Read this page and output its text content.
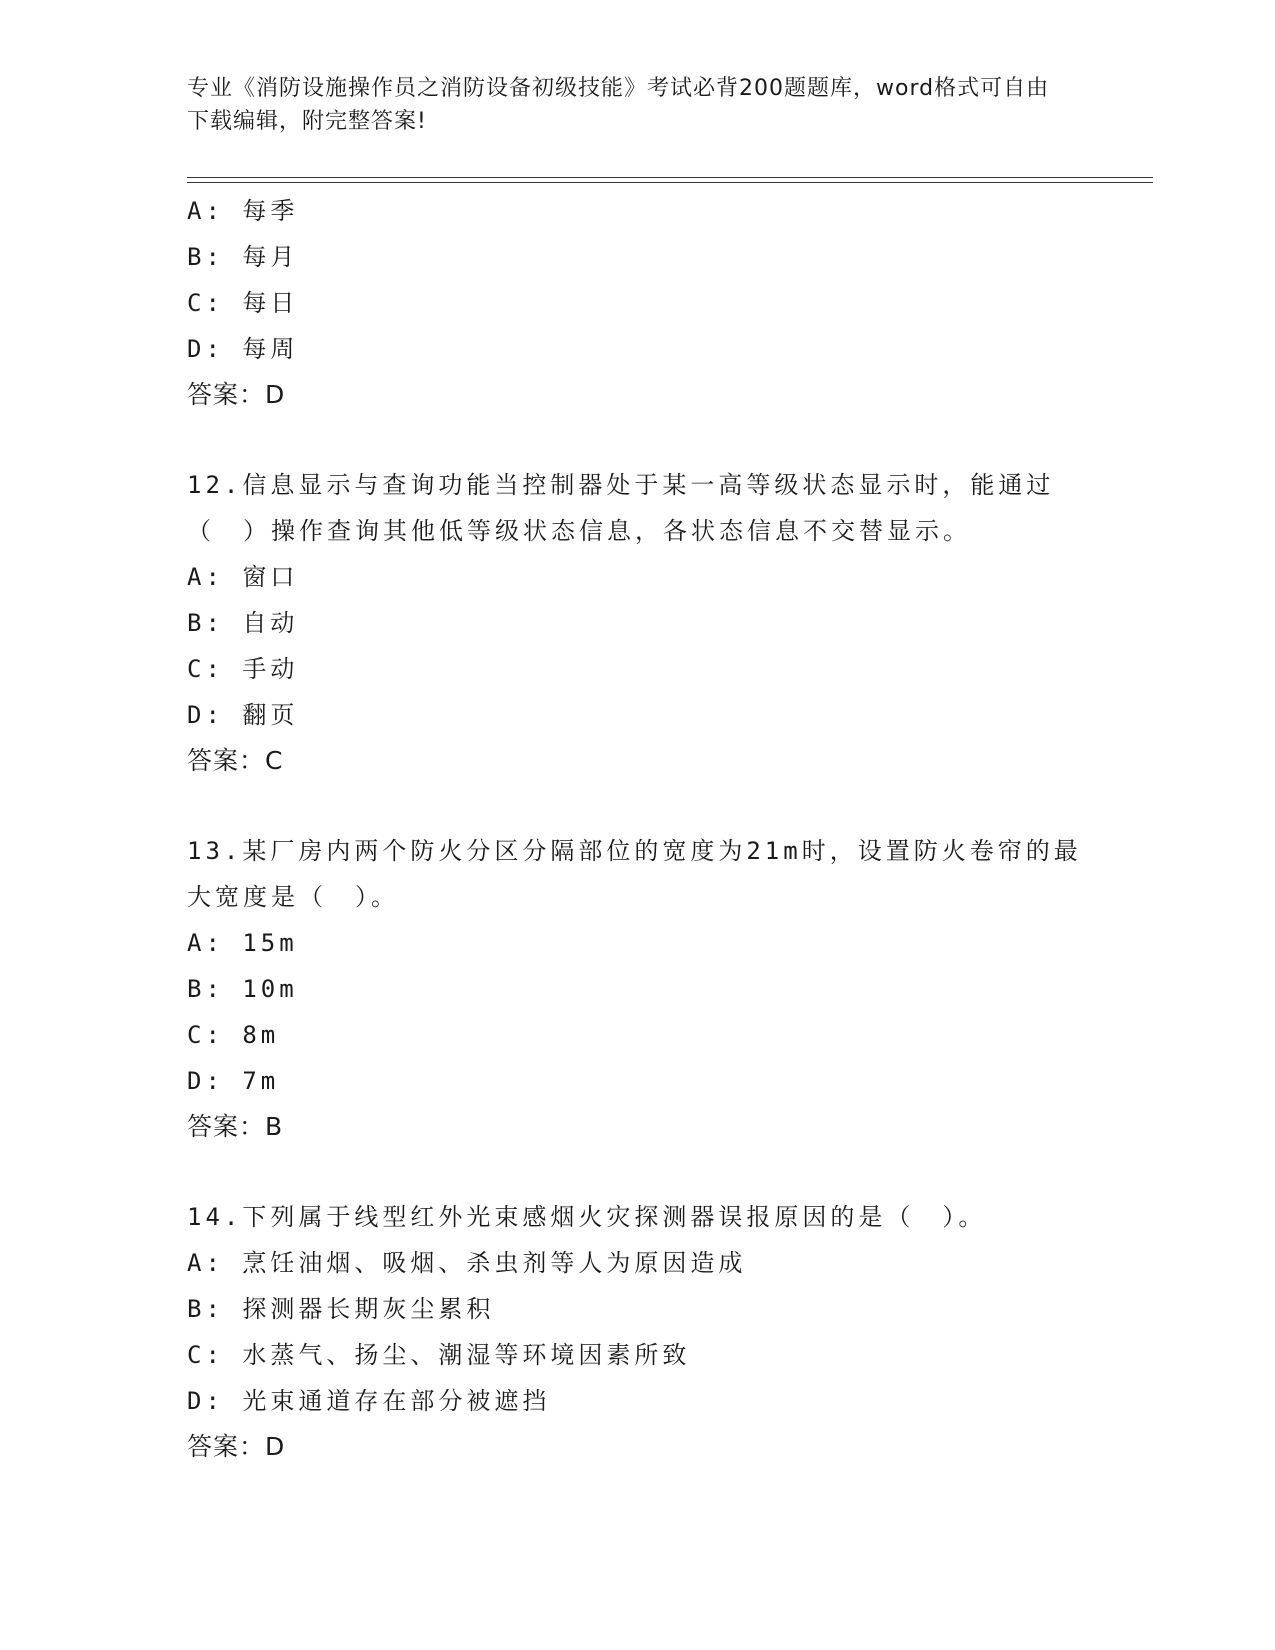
专业《消防设施操作员之消防设备初级技能》考试必背200题题库，word格式可自由下载编辑，附完整答案!
A: 每季
B: 每月
C: 每日
D: 每周
答案：D
12.信息显示与查询功能当控制器处于某一高等级状态显示时，能通过（　）操作查询其他低等级状态信息，各状态信息不交替显示。
A: 窗口
B: 自动
C: 手动
D: 翻页
答案：C
13.某厂房内两个防火分区分隔部位的宽度为21m时，设置防火卷帘的最大宽度是（　）。
A: 15m
B: 10m
C: 8m
D: 7m
答案：B
14.下列属于线型红外光束感烟火灾探测器误报原因的是（　）。
A: 烹饪油烟、吸烟、杀虫剂等人为原因造成
B: 探测器长期灰尘累积
C: 水蒸气、扬尘、潮湿等环境因素所致
D: 光束通道存在部分被遮挡
答案：D
